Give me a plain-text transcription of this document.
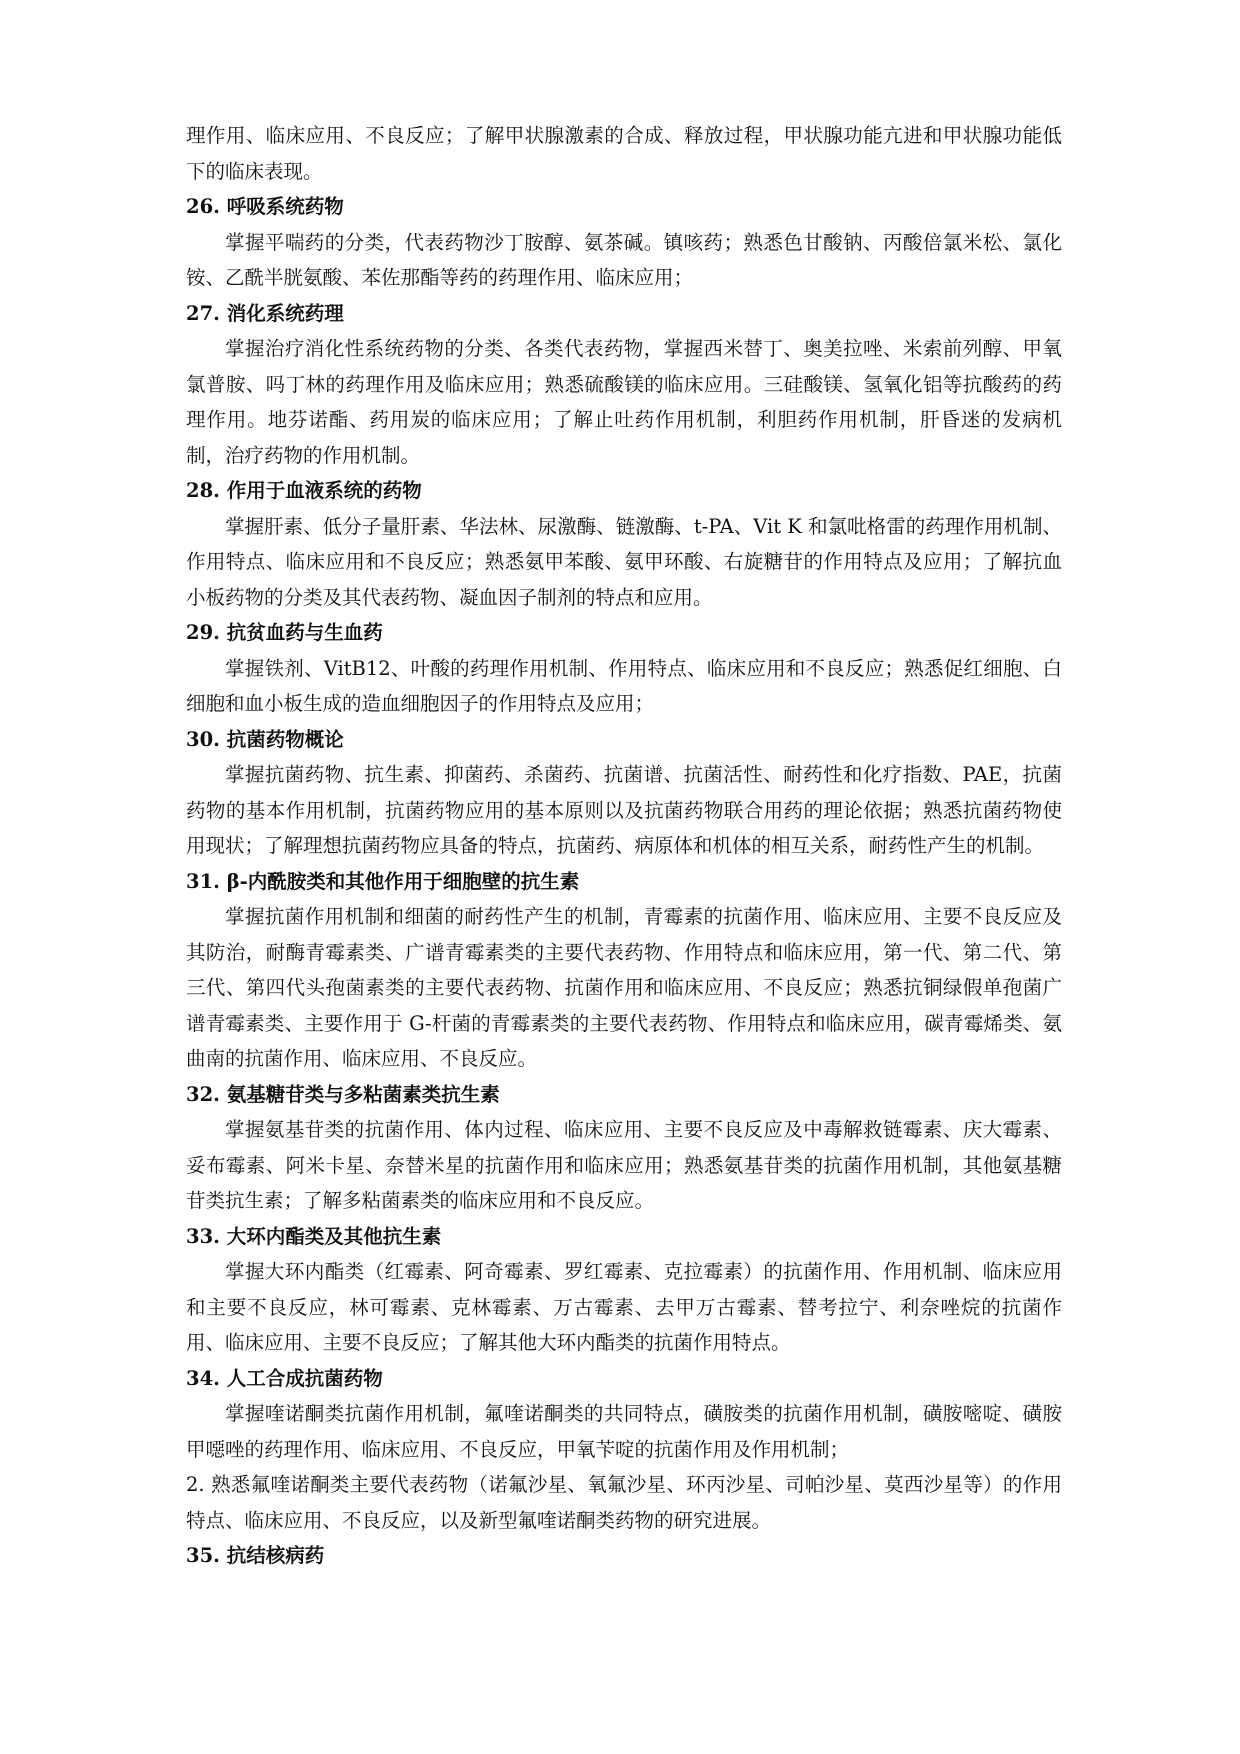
理作用、临床应用、不良反应；了解甲状腺激素的合成、释放过程，甲状腺功能亢进和甲状腺功能低下的临床表现。

26. 呼吸系统药物

掌握平喘药的分类，代表药物沙丁胺醇、氨茶碱。镇咳药；熟悉色甘酸钠、丙酸倍氯米松、氯化铵、乙酰半胱氨酸、苯佐那酯等药的药理作用、临床应用；

27. 消化系统药理

掌握治疗消化性系统药物的分类、各类代表药物，掌握西米替丁、奥美拉唑、米索前列醇、甲氧氯普胺、吗丁林的药理作用及临床应用；熟悉硫酸镁的临床应用。三硅酸镁、氢氧化铝等抗酸药的药理作用。地芬诺酯、药用炭的临床应用；了解止吐药作用机制，利胆药作用机制，肝昏迷的发病机制，治疗药物的作用机制。

28. 作用于血液系统的药物

掌握肝素、低分子量肝素、华法林、尿激酶、链激酶、t-PA、Vit K 和氯吡格雷的药理作用机制、作用特点、临床应用和不良反应；熟悉氨甲苯酸、氨甲环酸、右旋糖苷的作用特点及应用；了解抗血小板药物的分类及其代表药物、凝血因子制剂的特点和应用。

29. 抗贫血药与生血药

掌握铁剂、VitB12、叶酸的药理作用机制、作用特点、临床应用和不良反应；熟悉促红细胞、白细胞和血小板生成的造血细胞因子的作用特点及应用；

30. 抗菌药物概论

掌握抗菌药物、抗生素、抑菌药、杀菌药、抗菌谱、抗菌活性、耐药性和化疗指数、PAE，抗菌药物的基本作用机制，抗菌药物应用的基本原则以及抗菌药物联合用药的理论依据；熟悉抗菌药物使用现状；了解理想抗菌药物应具备的特点，抗菌药、病原体和机体的相互关系，耐药性产生的机制。

31. β-内酰胺类和其他作用于细胞壁的抗生素

掌握抗菌作用机制和细菌的耐药性产生的机制，青霉素的抗菌作用、临床应用、主要不良反应及其防治，耐酶青霉素类、广谱青霉素类的主要代表药物、作用特点和临床应用，第一代、第二代、第三代、第四代头孢菌素类的主要代表药物、抗菌作用和临床应用、不良反应；熟悉抗铜绿假单孢菌广谱青霉素类、主要作用于 G-杆菌的青霉素类的主要代表药物、作用特点和临床应用，碳青霉烯类、氨曲南的抗菌作用、临床应用、不良反应。

32. 氨基糖苷类与多粘菌素类抗生素

掌握氨基苷类的抗菌作用、体内过程、临床应用、主要不良反应及中毒解救链霉素、庆大霉素、妥布霉素、阿米卡星、奈替米星的抗菌作用和临床应用；熟悉氨基苷类的抗菌作用机制，其他氨基糖苷类抗生素；了解多粘菌素类的临床应用和不良反应。

33. 大环内酯类及其他抗生素

掌握大环内酯类（红霉素、阿奇霉素、罗红霉素、克拉霉素）的抗菌作用、作用机制、临床应用和主要不良反应，林可霉素、克林霉素、万古霉素、去甲万古霉素、替考拉宁、利奈唑烷的抗菌作用、临床应用、主要不良反应；了解其他大环内酯类的抗菌作用特点。

34. 人工合成抗菌药物

掌握喹诺酮类抗菌作用机制，氟喹诺酮类的共同特点，磺胺类的抗菌作用机制，磺胺嘧啶、磺胺甲噁唑的药理作用、临床应用、不良反应，甲氧苄啶的抗菌作用及作用机制；

2. 熟悉氟喹诺酮类主要代表药物（诺氟沙星、氧氟沙星、环丙沙星、司帕沙星、莫西沙星等）的作用特点、临床应用、不良反应，以及新型氟喹诺酮类药物的研究进展。

35. 抗结核病药
